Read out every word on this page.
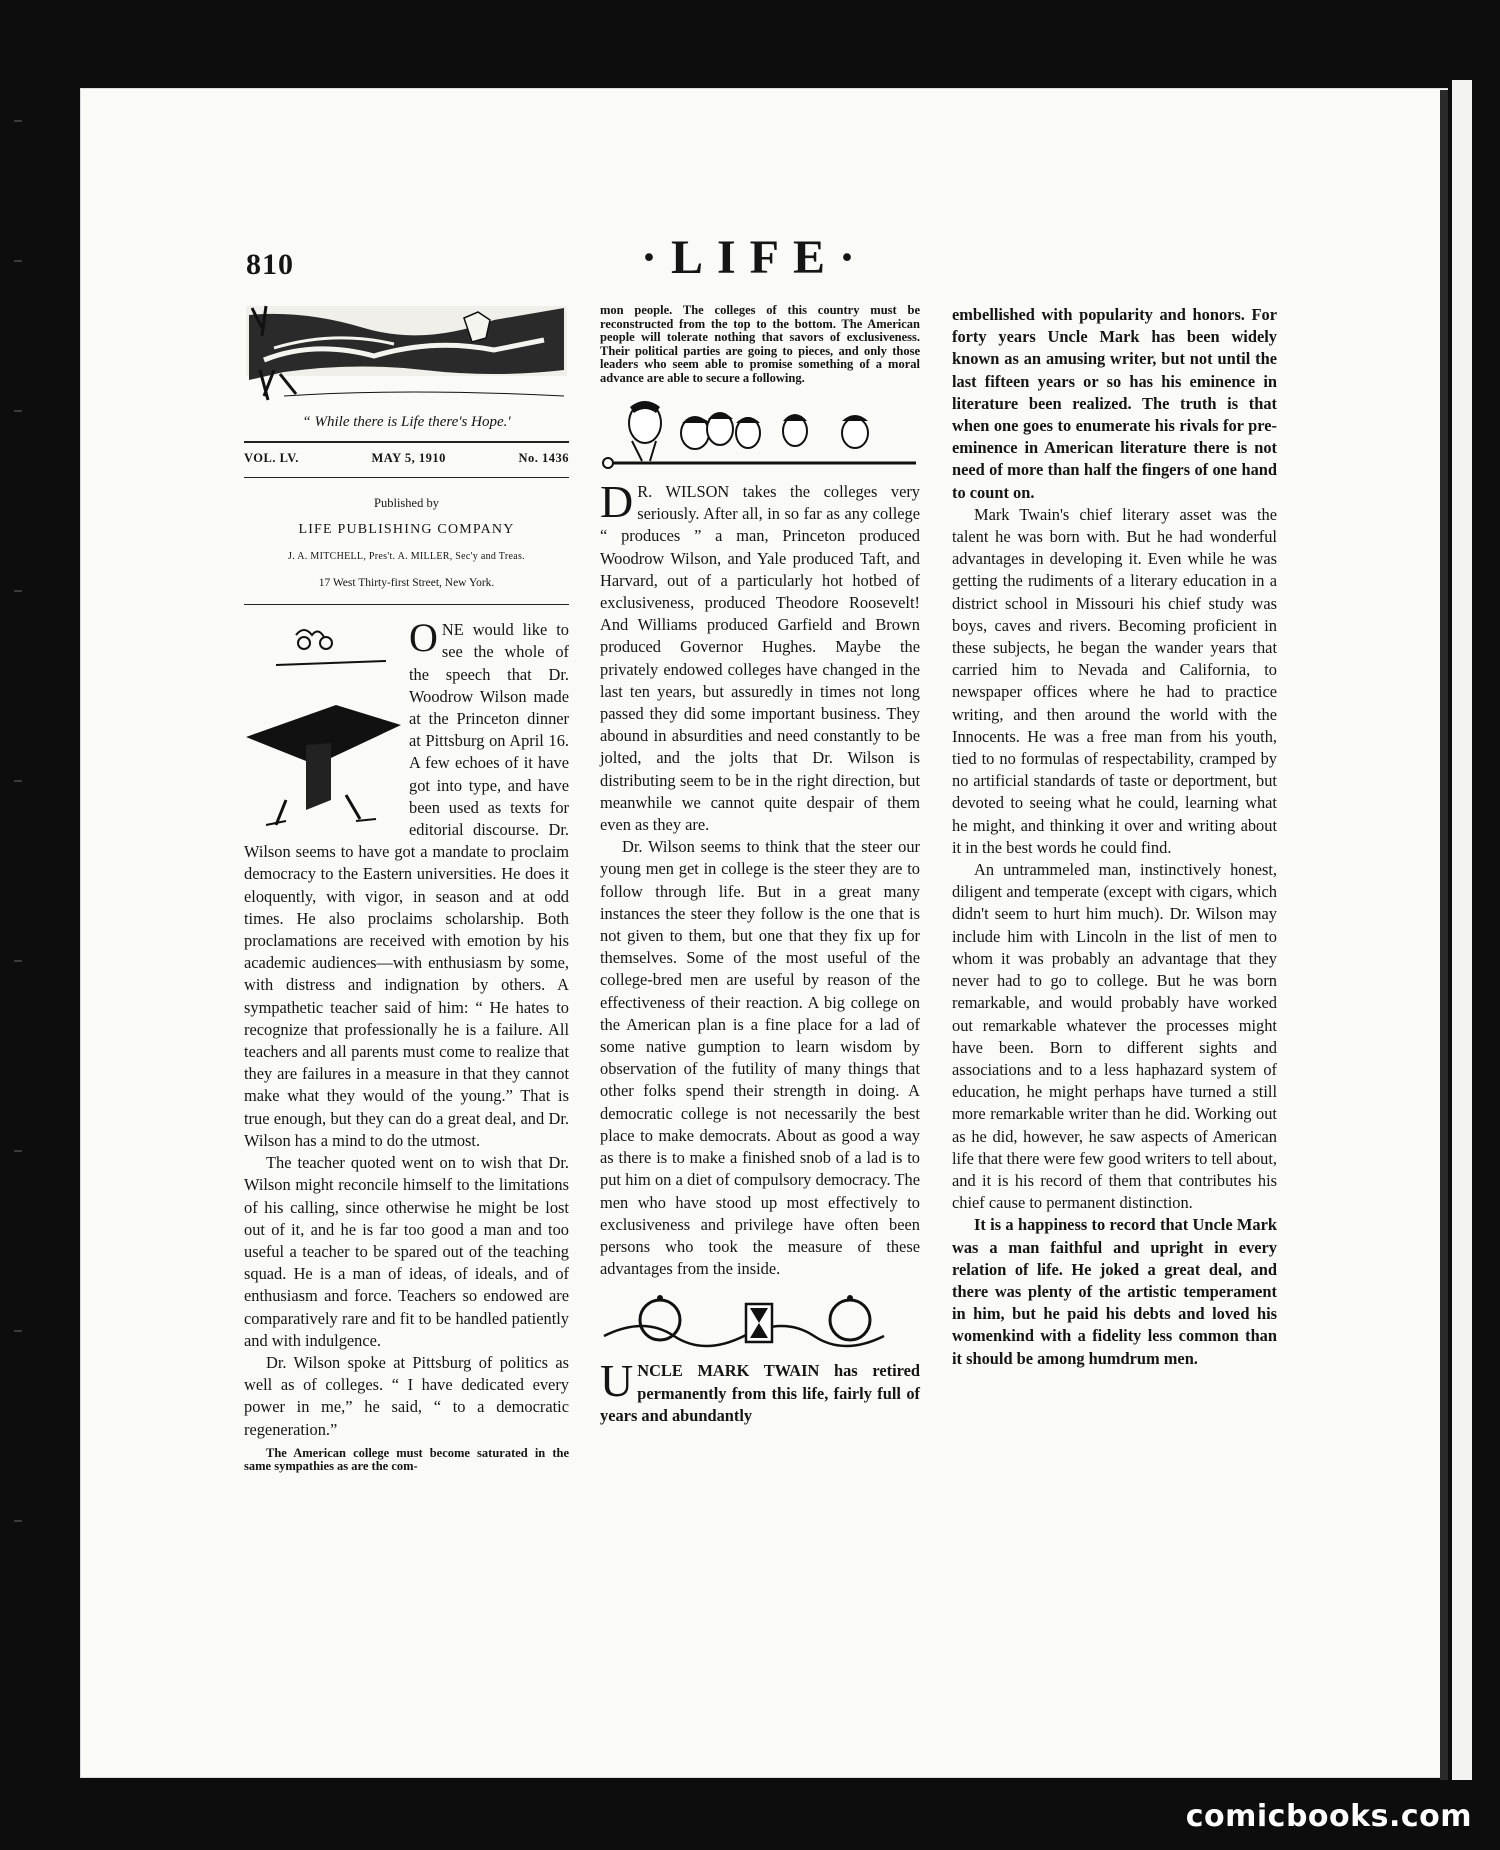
810	·LIFE·
“ While there is Life there's Hope.'
VOL. LV.	MAY 5, 1910	No. 1436
Published by
LIFE PUBLISHING COMPANY
J. A. MITCHELL, Pres't. A. MILLER, Sec'y and Treas.
17 West Thirty-first Street, New York.
O NE would like to see the whole of the speech that Dr. Woodrow Wilson made at the Princeton dinner at Pittsburg on April 16. A few echoes of it have got into type, and have been used as texts for editorial discourse. Dr. Wilson seems to have got a mandate to proclaim democracy to the Eastern universities. He does it eloquently, with vigor, in season and at odd times. He also proclaims scholarship. Both proclamations are received with emotion by his academic audiences—with enthusiasm by some, with distress and indignation by others. A sympathetic teacher said of him: “ He hates to recognize that professionally he is a failure. All teachers and all parents must come to realize that they are failures in a measure in that they cannot make what they would of the young.” That is true enough, but they can do a great deal, and Dr. Wilson has a mind to do the utmost.

The teacher quoted went on to wish that Dr. Wilson might reconcile himself to the limitations of his calling, since otherwise he might be lost out of it, and he is far too good a man and too useful a teacher to be spared out of the teaching squad. He is a man of ideas, of ideals, and of enthusiasm and force. Teachers so endowed are comparatively rare and fit to be handled patiently and with indulgence.

Dr. Wilson spoke at Pittsburg of politics as well as of colleges. “ I have dedicated every power in me,” he said, “ to a democratic regeneration.”

The American college must become saturated in the same sympathies as are the com-

mon people. The colleges of this country must be reconstructed from the top to the bottom. The American people will tolerate nothing that savors of exclusiveness. Their political parties are going to pieces, and only those leaders who seem able to promise something of a moral advance are able to secure a following.

D R. WILSON takes the colleges very seriously. After all, in so far as any college “ produces ” a man, Princeton produced Woodrow Wilson, and Yale produced Taft, and Harvard, out of a particularly hot hotbed of exclusiveness, produced Theodore Roosevelt! And Williams produced Garfield and Brown produced Governor Hughes. Maybe the privately endowed colleges have changed in the last ten years, but assuredly in times not long passed they did some important business. They abound in absurdities and need constantly to be jolted, and the jolts that Dr. Wilson is distributing seem to be in the right direction, but meanwhile we cannot quite despair of them even as they are.

Dr. Wilson seems to think that the steer our young men get in college is the steer they are to follow through life. But in a great many instances the steer they follow is the one that is not given to them, but one that they fix up for themselves. Some of the most useful of the college-bred men are useful by reason of the effectiveness of their reaction. A big college on the American plan is a fine place for a lad of some native gumption to learn wisdom by observation of the futility of many things that other folks spend their strength in doing. A democratic college is not necessarily the best place to make democrats. About as good a way as there is to make a finished snob of a lad is to put him on a diet of compulsory democracy. The men who have stood up most effectively to exclusiveness and privilege have often been persons who took the measure of these advantages from the inside.

U NCLE MARK TWAIN has retired permanently from this life, fairly full of years and abundantly

embellished with popularity and honors. For forty years Uncle Mark has been widely known as an amusing writer, but not until the last fifteen years or so has his eminence in literature been realized. The truth is that when one goes to enumerate his rivals for pre-eminence in American literature there is not need of more than half the fingers of one hand to count on.

Mark Twain's chief literary asset was the talent he was born with. But he had wonderful advantages in developing it. Even while he was getting the rudiments of a literary education in a district school in Missouri his chief study was boys, caves and rivers. Becoming proficient in these subjects, he began the wander years that carried him to Nevada and California, to newspaper offices where he had to practice writing, and then around the world with the Innocents. He was a free man from his youth, tied to no formulas of respectability, cramped by no artificial standards of taste or deportment, but devoted to seeing what he could, learning what he might, and thinking it over and writing about it in the best words he could find.

An untrammeled man, instinctively honest, diligent and temperate (except with cigars, which didn't seem to hurt him much). Dr. Wilson may include him with Lincoln in the list of men to whom it was probably an advantage that they never had to go to college. But he was born remarkable, and would probably have worked out remarkable whatever the processes might have been. Born to different sights and associations and to a less haphazard system of education, he might perhaps have turned a still more remarkable writer than he did. Working out as he did, however, he saw aspects of American life that there were few good writers to tell about, and it is his record of them that contributes his chief cause to permanent distinction.

It is a happiness to record that Uncle Mark was a man faithful and upright in every relation of life. He joked a great deal, and there was plenty of the artistic temperament in him, but he paid his debts and loved his womenkind with a fidelity less common than it should be among humdrum men.

comicbooks.com
